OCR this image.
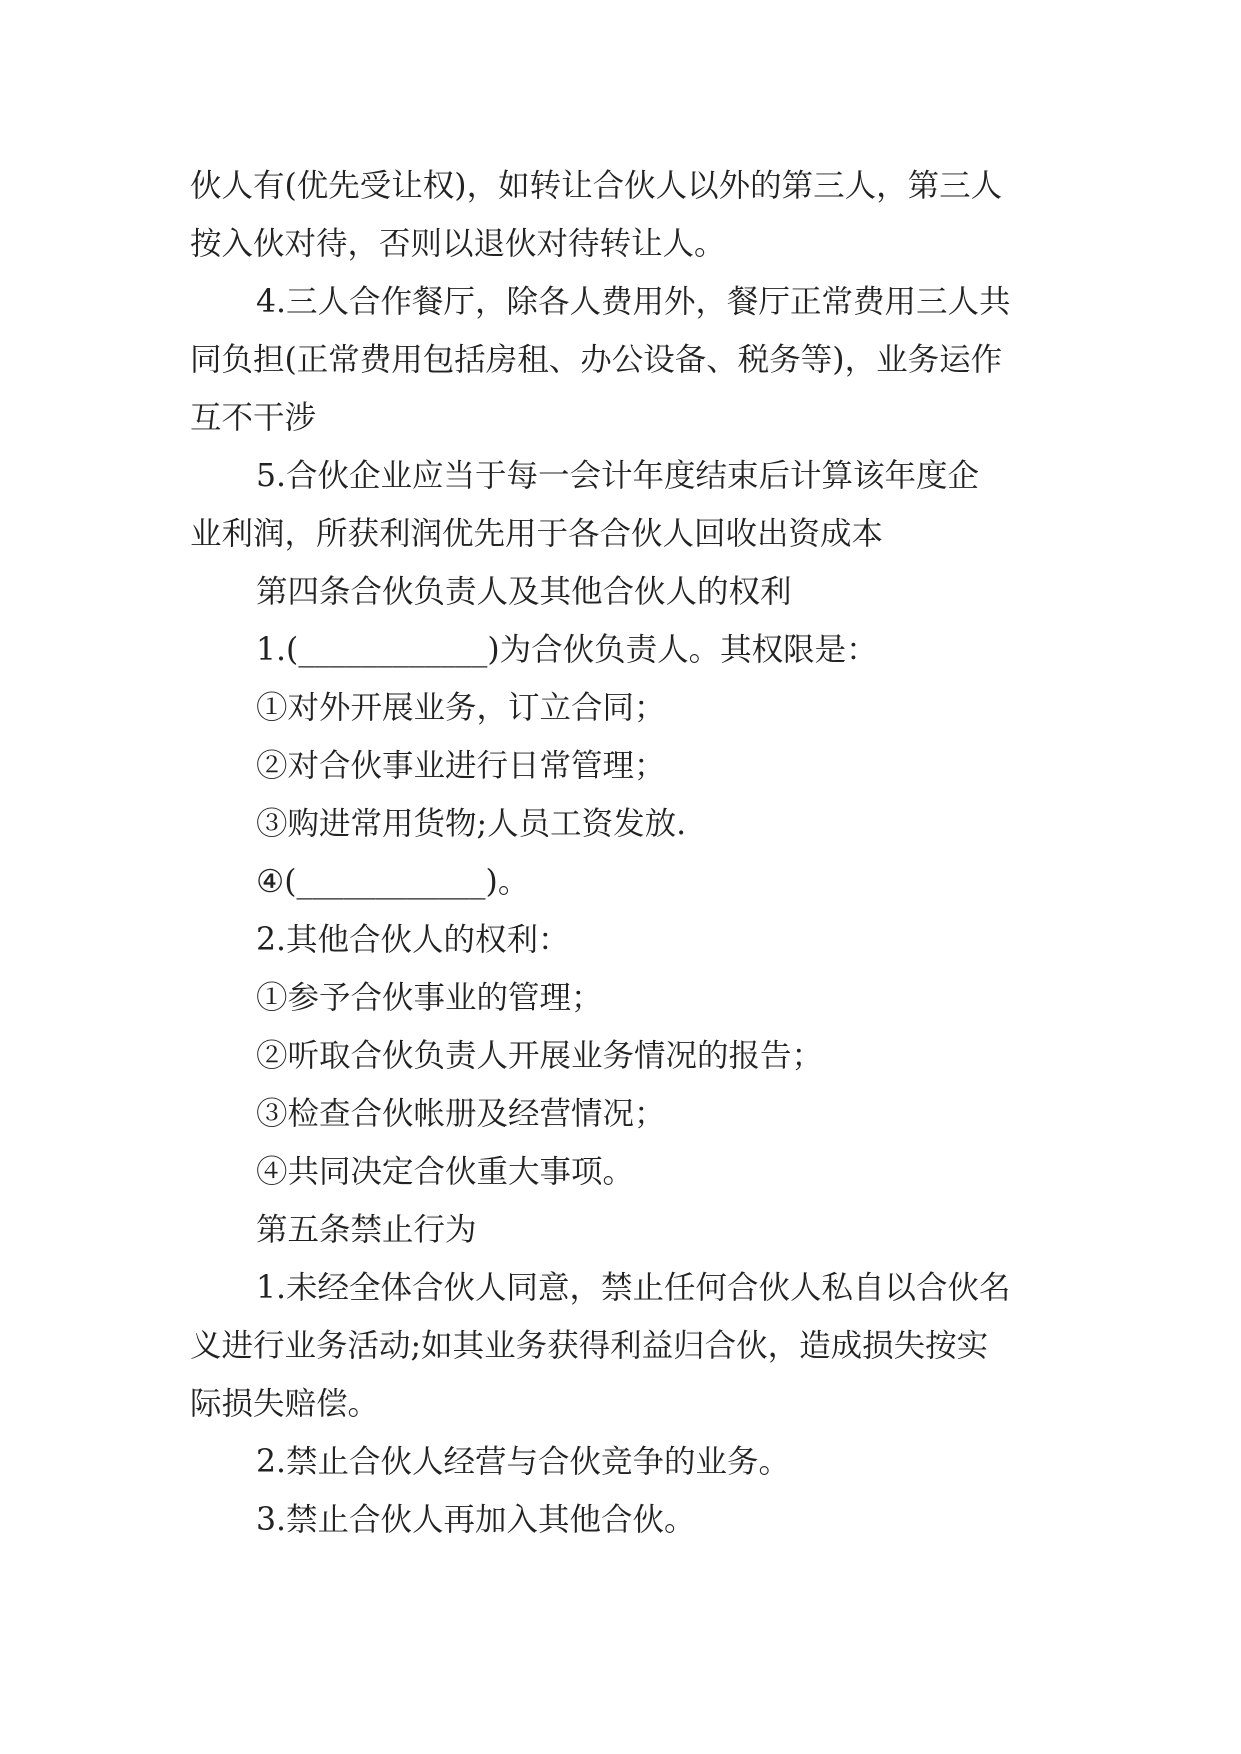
伙人有(优先受让权)，如转让合伙人以外的第三人，第三人
按入伙对待，否则以退伙对待转让人。
4.三人合作餐厅，除各人费用外，餐厅正常费用三人共
同负担(正常费用包括房租、办公设备、税务等)，业务运作
互不干涉
5.合伙企业应当于每一会计年度结束后计算该年度企
业利润，所获利润优先用于各合伙人回收出资成本
第四条合伙负责人及其他合伙人的权利
1.(____________)为合伙负责人。其权限是：
①对外开展业务，订立合同；
②对合伙事业进行日常管理；
③购进常用货物;人员工资发放.
④(____________)。
2.其他合伙人的权利：
①参予合伙事业的管理；
②听取合伙负责人开展业务情况的报告；
③检查合伙帐册及经营情况；
④共同决定合伙重大事项。
第五条禁止行为
1.未经全体合伙人同意，禁止任何合伙人私自以合伙名
义进行业务活动;如其业务获得利益归合伙，造成损失按实
际损失赔偿。
2.禁止合伙人经营与合伙竞争的业务。
3.禁止合伙人再加入其他合伙。
